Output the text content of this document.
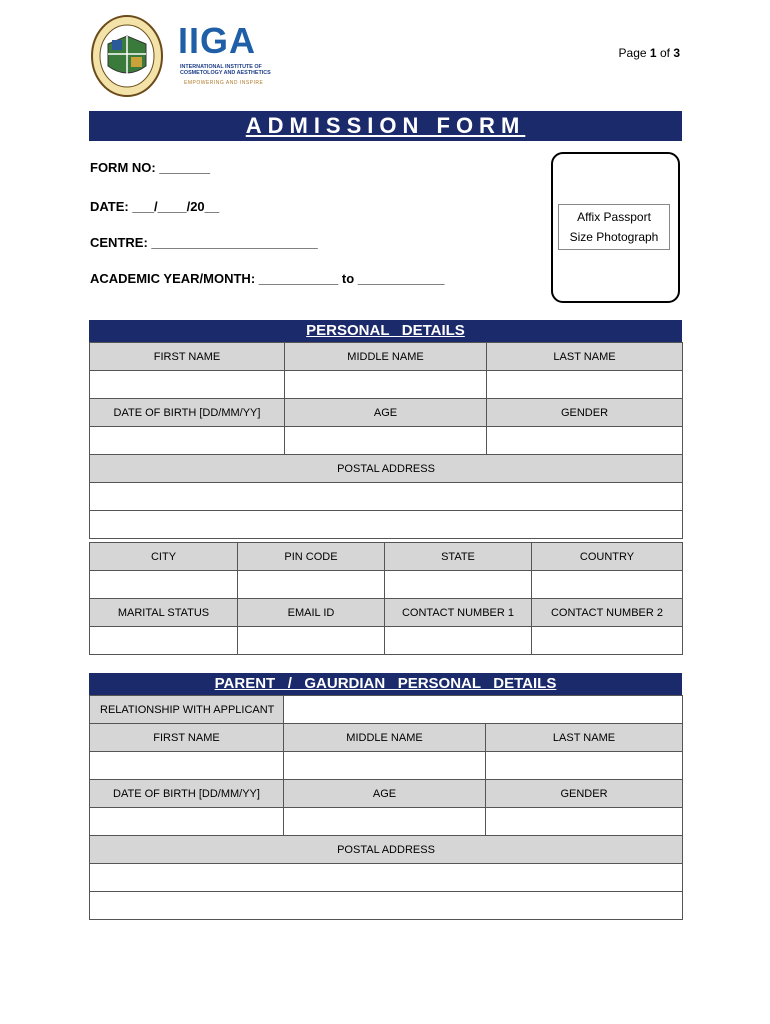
IIGA
INTERNATIONAL INSTITUTE OF COSMETOLOGY AND AESTHETICS
EMPOWERING AND INSPIRE
Page 1 of 3
ADMISSION FORM
FORM NO: _______
DATE: ___/____/20__
CENTRE: _______________________
ACADEMIC YEAR/MONTH: ___________ to ____________
Affix Passport
Size Photograph
PERSONAL   DETAILS
FIRST NAME	MIDDLE NAME	LAST NAME

DATE OF BIRTH [DD/MM/YY]	AGE	GENDER

POSTAL ADDRESS		

CITY	PIN CODE	STATE	COUNTRY

MARITAL STATUS	EMAIL ID	CONTACT NUMBER 1	CONTACT NUMBER 2

PARENT   /   GAURDIAN   PERSONAL   DETAILS
RELATIONSHIP WITH APPLICANT		
FIRST NAME	MIDDLE NAME	LAST NAME

DATE OF BIRTH [DD/MM/YY]	AGE	GENDER

POSTAL ADDRESS		
